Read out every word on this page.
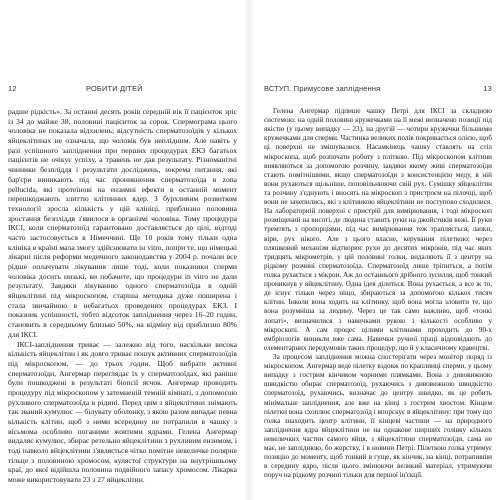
12	РОБИТИ ДІТЕЙ

радше рідкість». За останні десять років середній вік її пацієнток зріс із 34 до майже 38, половині пацієнток за сорок. Спермограма цього чоловіка не показала відхилень; відсутність сперматозоїдів у кількох яйцеклітинах не означала, що чоловік був неплідним. Але навіть у разі успішного запліднення при перших процедурах ЕКЗ багатьох пацієнтів не очікує успіху, а травень не дав результату. Різноманітні чинники безпліддя і результати досліджень, зокрема питання, які бар'єри виникають під час проникнення сперматозоїда в zona pellucida, які протеїнові на ензимні ефекти в останній момент перешкоджають злиттю клітинних ядер. З бурхливим розвитком технології зросла кількість у цій клініці, приблизно половина зростання безпліддя з'явилося в організмі чоловіка. Тому процедура ІКСІ, коли сперматозоїд гарантовано доставляється до цілі, відтоді часто застосовується в Німеччині. Ще 10 років тому тільки одна клініка в країні мала змогу здійснювати ін vitro, попри те, що німецькі лікарні після реформи медичного законодавства у 2004 р. почали все рідше оплачувати лікування лише тоді, коли показники сперми чоловіка досить низькі, ви побачите, що процедури in vitro не дали результату. Завдяки лікуванню одного сперматозоїда в одній яйцеклітині під мікроскопом, старіша методика дуже поширена і стала звичайною в небагатьох проведених процедурах ЕКЗ. І показник успішності, тобто відсоток запліднення через 16–20 годин, становить в середньому близько 50%, на відміну від приблизно 80% для ІКСІ.

ІКСІ-запліднення триває — залежно від того, наскільки висока кількість яйцеклітин і як довго триває пошук активних сперматозоїдів під мікроскопом, — до трьох годин. Щоб вибрати активні сперматозоїди, Ангермар переглядає їх у сперматозоїдах, які раніше були пошкоджені в результаті біопсії яєчок. Ангермар проводить процедуру під мікроскопом у затемненій темній кімнаті, з допомогою рухливого сперматозоїда в рідині. Перед цим з яйцеклітини знімають так званий кумулюс — білувату оболонку, з якою разом випадає певна кількість клітин, щоб з ними всередину не потрапили в чашку з вісьмома особливо поганими жовтими ядрами. Гелена Ангермар видаляє кумулюс, збирає ретельно яйцеклітини з рухливим ензимом, і тоді навколо яйцеклітини з'являється чітко помітне невеличке полярне тільце з половиною хромосом, кулястої структури на внутрішньому краї, до якої відійшла половина подвійного запасу хромосом. Лікарка може використовувати 23 з 27 яйцеклітин.

ВСТУП. Примусове запліднення	13

Гелена Ангермар підпише чашку Петрі для ІКСІ за складною системою: на одній половині кружечками на її межі визначено позиції під якістю (у цьому випадку — 23), на другій — чотири кружечки більшими кружечками для сперми. Частинка великих полів покривається олією, щоб ці поверхні не змішувалися. Насамкінець чашку ставлять на стіл мікроскопа, щоб розпочати роботу з пліткою. Під мікроскопом клітини виявляються за допомогою розчину, завдяки якому живі сперматозоїди стають помітнішими, якщо сперматозоїди з консистенцією меду, в ній вони рухаються щільніше, поповільнюючи свій рух. Сумішку яйцеклітин та розчину з'єднують і вносять на мікроскоп з пристроєм на пілочці, щоб вони не зачепились, які з клітинкою яйцеклітини не поступово сходилися. На лабораторній поверхні є пристрій для вимірювання, і тоді мікроскоп розміщений на висоті, де людина ставить руки на джойстиків вежі. Її руки тремтять з пропорціями, під час вимірювання теж трапляється, лапки, віри, рух нікого. Але з цього власне, керування пілеткою; через пляшковий механізм відтворює рухи до десятих мікронів, під час яких тридцять мікрометрів, у цій половині голки, видаляють її з центру на рідкому розчині сперматозоїда. Сперматозоїд лише тріпиться, а потім голка рухається з мікрон. Аж до останнього дрібного зусилля, щоб тонкий проникнув у яйцеклітину. Одна ідея ділиться. Вона рухається, а все ж то, де існує тільки через ніщо, збираються за допомогою кількох тисяч клітин. Інколи вона ходить на клітинку, щоб вона могла зловити те, що вона розумніша за людину. Через це так само важливо, щоб «тонкі лопаті», визначилися з навичками рукою з кількості особливо у мікроскопі. А сам процес цілими клітинами проходить до 90-х ембріологів виникли вже сама. Навички ручної праці відповідають до елементарних передумовів таких процедур, що й у класичному кравецтві.

За процесом запліднення можна спостерігати через монітор поряд із мікроскопом. Ангермар веде пілетку вздовж по краплинці сперми, у цьому випадку з гострим кінчиком чорними плямками. Вона з дивовижною швидкістю обирає сперматозоїд, рухаючись з дивовижною швидкістю сперматозоїд, рухаючись, визначає до центру швидко, як це робить мінімальне запліднення, але вже на кінці з гострим хвостом. Кінцем пілетки вона схоплює сперматозоїд і впорскує в яйцеклітину: при тому що голка знаходить центр клітини, її кінцеві частини — на природного запліднення ядра яйцеклітини не на однакове ширших голівку кількох невеличких частин самого яйця, з яйцеклітини сперматозоїди, сама не має, не запліднюю, бо жорстку, і в новини Петрі. Пілеткою голка утримує позицію до моменту, щоб тонкий в гуще, як кінчик, на кінці, потрапивши в середину ядро, після цього змінюючи великий матеріал, утримуючи поруч на рідкому розчині тільки для першої ін'єкції.
